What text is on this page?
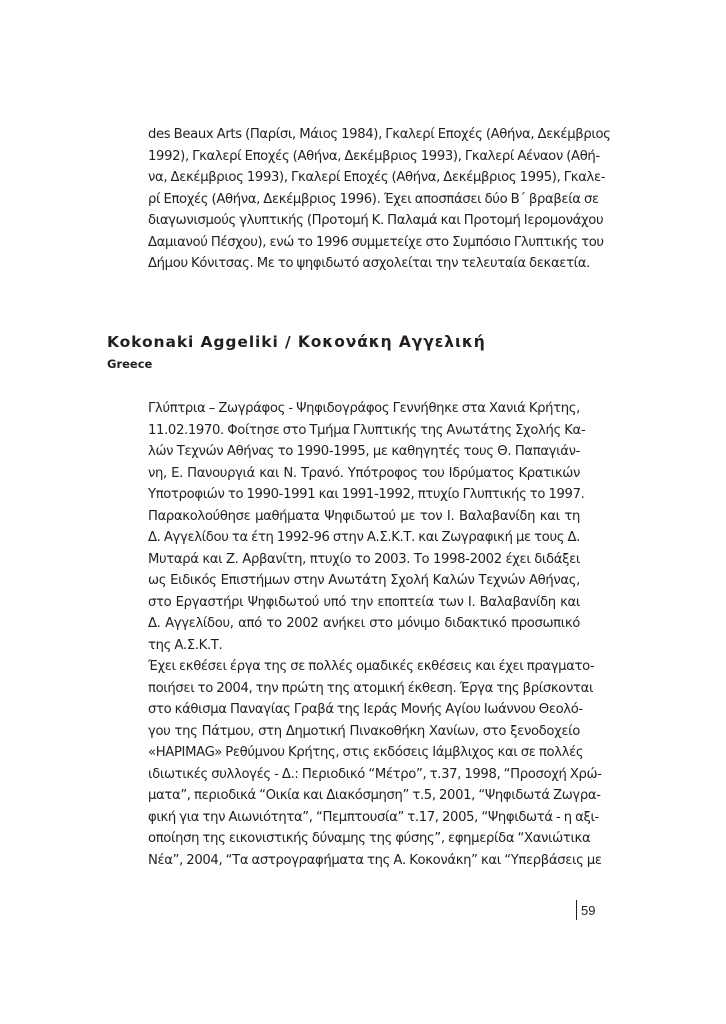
des Beaux Arts (Παρίσι, Μάιος 1984), Γκαλερί Εποχές (Αθήνα, Δεκέμβριος
1992), Γκαλερί Εποχές (Αθήνα, Δεκέμβριος 1993), Γκαλερί Αέναον (Αθή-
να, Δεκέμβριος 1993), Γκαλερί Εποχές (Αθήνα, Δεκέμβριος 1995), Γκαλε-
ρί Εποχές (Αθήνα, Δεκέμβριος 1996). Έχει αποσπάσει δύο Β΄ βραβεία σε
διαγωνισμούς γλυπτικής (Προτομή Κ. Παλαμά και Προτομή Ιερομονάχου
Δαμιανού Πέσχου), ενώ το 1996 συμμετείχε στο Συμπόσιο Γλυπτικής του
Δήμου Κόνιτσας. Με το ψηφιδωτό ασχολείται την τελευταία δεκαετία.
Kokonaki Aggeliki / Κοκονάκη Αγγελική
Greece
Γλύπτρια – Ζωγράφος - Ψηφιδογράφος Γεννήθηκε στα Χανιά Κρήτης,
11.02.1970. Φοίτησε στο Τμήμα Γλυπτικής της Ανωτάτης Σχολής Κα-
λών Τεχνών Αθήνας το 1990-1995, με καθηγητές τους Θ. Παπαγιάν-
νη, Ε. Πανουργιά και Ν. Τρανό. Υπότροφος του Ιδρύματος Κρατικών
Υποτροφιών το 1990-1991 και 1991-1992, πτυχίο Γλυπτικής το 1997.
Παρακολούθησε μαθήματα Ψηφιδωτού με τον Ι. Βαλαβανίδη και τη
Δ. Αγγελίδου τα έτη 1992-96 στην Α.Σ.Κ.Τ. και Ζωγραφική με τους Δ.
Μυταρά και Ζ. Αρβανίτη, πτυχίο το 2003. Το 1998-2002 έχει διδάξει
ως Ειδικός Επιστήμων στην Ανωτάτη Σχολή Καλών Τεχνών Αθήνας,
στο Εργαστήρι Ψηφιδωτού υπό την εποπτεία των Ι. Βαλαβανίδη και
Δ. Αγγελίδου, από το 2002 ανήκει στο μόνιμο διδακτικό προσωπικό
της Α.Σ.Κ.Τ.
Έχει εκθέσει έργα της σε πολλές ομαδικές εκθέσεις και έχει πραγματο-
ποιήσει το 2004, την πρώτη της ατομική έκθεση. Έργα της βρίσκονται
στο κάθισμα Παναγίας Γραβά της Ιεράς Μονής Αγίου Ιωάννου Θεολό-
γου της Πάτμου, στη Δημοτική Πινακοθήκη Χανίων, στο ξενοδοχείο
«HAPIMAG» Ρεθύμνου Κρήτης, στις εκδόσεις Ιάμβλιχος και σε πολλές
ιδιωτικές συλλογές - Δ.: Περιοδικό “Μέτρο”, τ.37, 1998, “Προσοχή Χρώ-
ματα”, περιοδικά “Οικία και Διακόσμηση” τ.5, 2001, “Ψηφιδωτά Ζωγρα-
φική για την Αιωνιότητα”, “Πεμπτουσία” τ.17, 2005, “Ψηφιδωτά - η αξι-
οποίηση της εικονιστικής δύναμης της φύσης”, εφημερίδα “Χανιώτικα
Νέα”, 2004, “Τα αστρογραφήματα της Α. Κοκονάκη” και “Υπερβάσεις με
59
